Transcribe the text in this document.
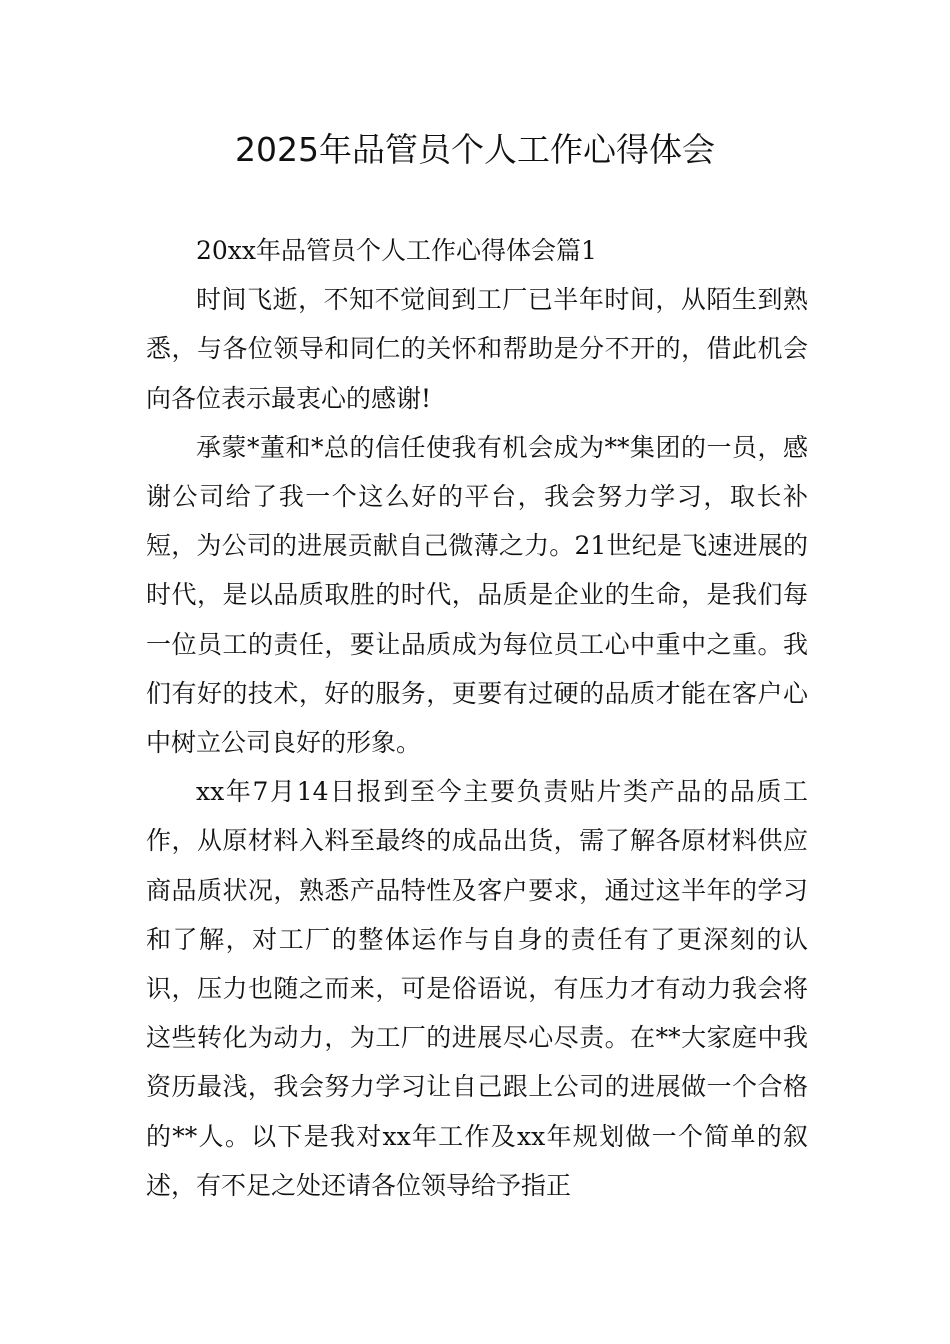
2025年品管员个人工作心得体会

20xx年品管员个人工作心得体会篇1

时间飞逝，不知不觉间到工厂已半年时间，从陌生到熟悉，与各位领导和同仁的关怀和帮助是分不开的，借此机会向各位表示最衷心的感谢!

承蒙*董和*总的信任使我有机会成为**集团的一员，感谢公司给了我一个这么好的平台，我会努力学习，取长补短，为公司的进展贡献自己微薄之力。21世纪是飞速进展的时代，是以品质取胜的时代，品质是企业的生命，是我们每一位员工的责任，要让品质成为每位员工心中重中之重。我们有好的技术，好的服务，更要有过硬的品质才能在客户心中树立公司良好的形象。

xx年7月14日报到至今主要负责贴片类产品的品质工作，从原材料入料至最终的成品出货，需了解各原材料供应商品质状况，熟悉产品特性及客户要求，通过这半年的学习和了解，对工厂的整体运作与自身的责任有了更深刻的认识，压力也随之而来，可是俗语说，有压力才有动力我会将这些转化为动力，为工厂的进展尽心尽责。在**大家庭中我资历最浅，我会努力学习让自己跟上公司的进展做一个合格的**人。以下是我对xx年工作及xx年规划做一个简单的叙述，有不足之处还请各位领导给予指正
